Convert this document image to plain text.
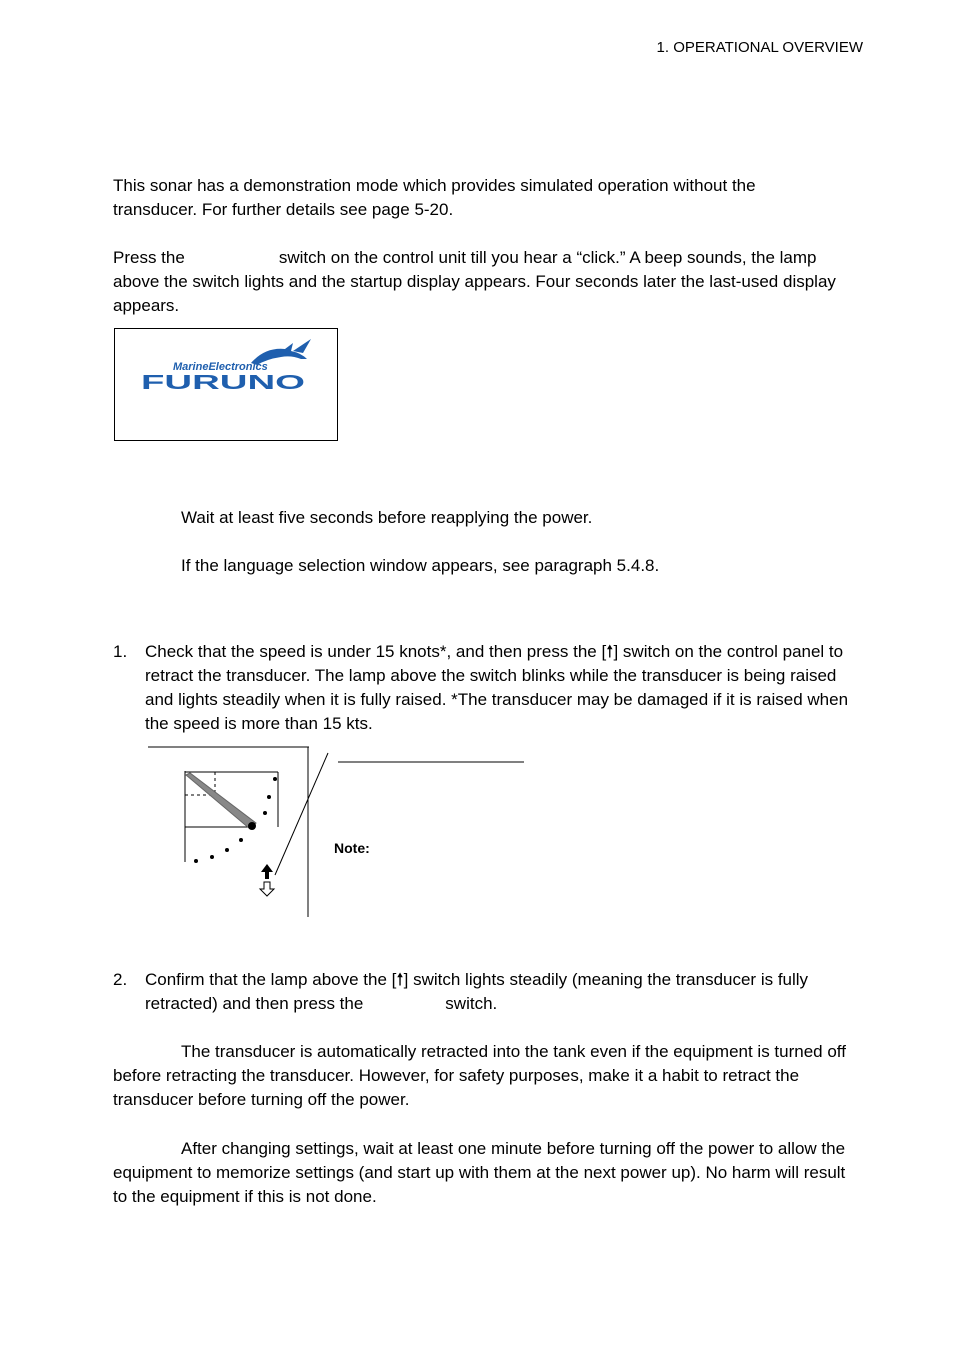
1. OPERATIONAL OVERVIEW
This sonar has a demonstration mode which provides simulated operation without the transducer. For further details see page 5-20.
Press the	switch on the control unit till you hear a “click.” A beep sounds, the lamp above the switch lights and the startup display appears. Four seconds later the last-used display appears.
MarineElectronics
FURUNO
Wait at least five seconds before reapplying the power.
If the language selection window appears, see paragraph 5.4.8.
1. Check that the speed is under 15 knots*, and then press the [🠕] switch on the control panel to retract the transducer. The lamp above the switch blinks while the transducer is being raised and lights steadily when it is fully raised. *The transducer may be damaged if it is raised when the speed is more than 15 kts.
Note:
2. Confirm that the lamp above the [🠕] switch lights steadily (meaning the transducer is fully retracted) and then press the	switch.
The transducer is automatically retracted into the tank even if the equipment is turned off before retracting the transducer. However, for safety purposes, make it a habit to retract the transducer before turning off the power.
After changing settings, wait at least one minute before turning off the power to allow the equipment to memorize settings (and start up with them at the next power up). No harm will result to the equipment if this is not done.
